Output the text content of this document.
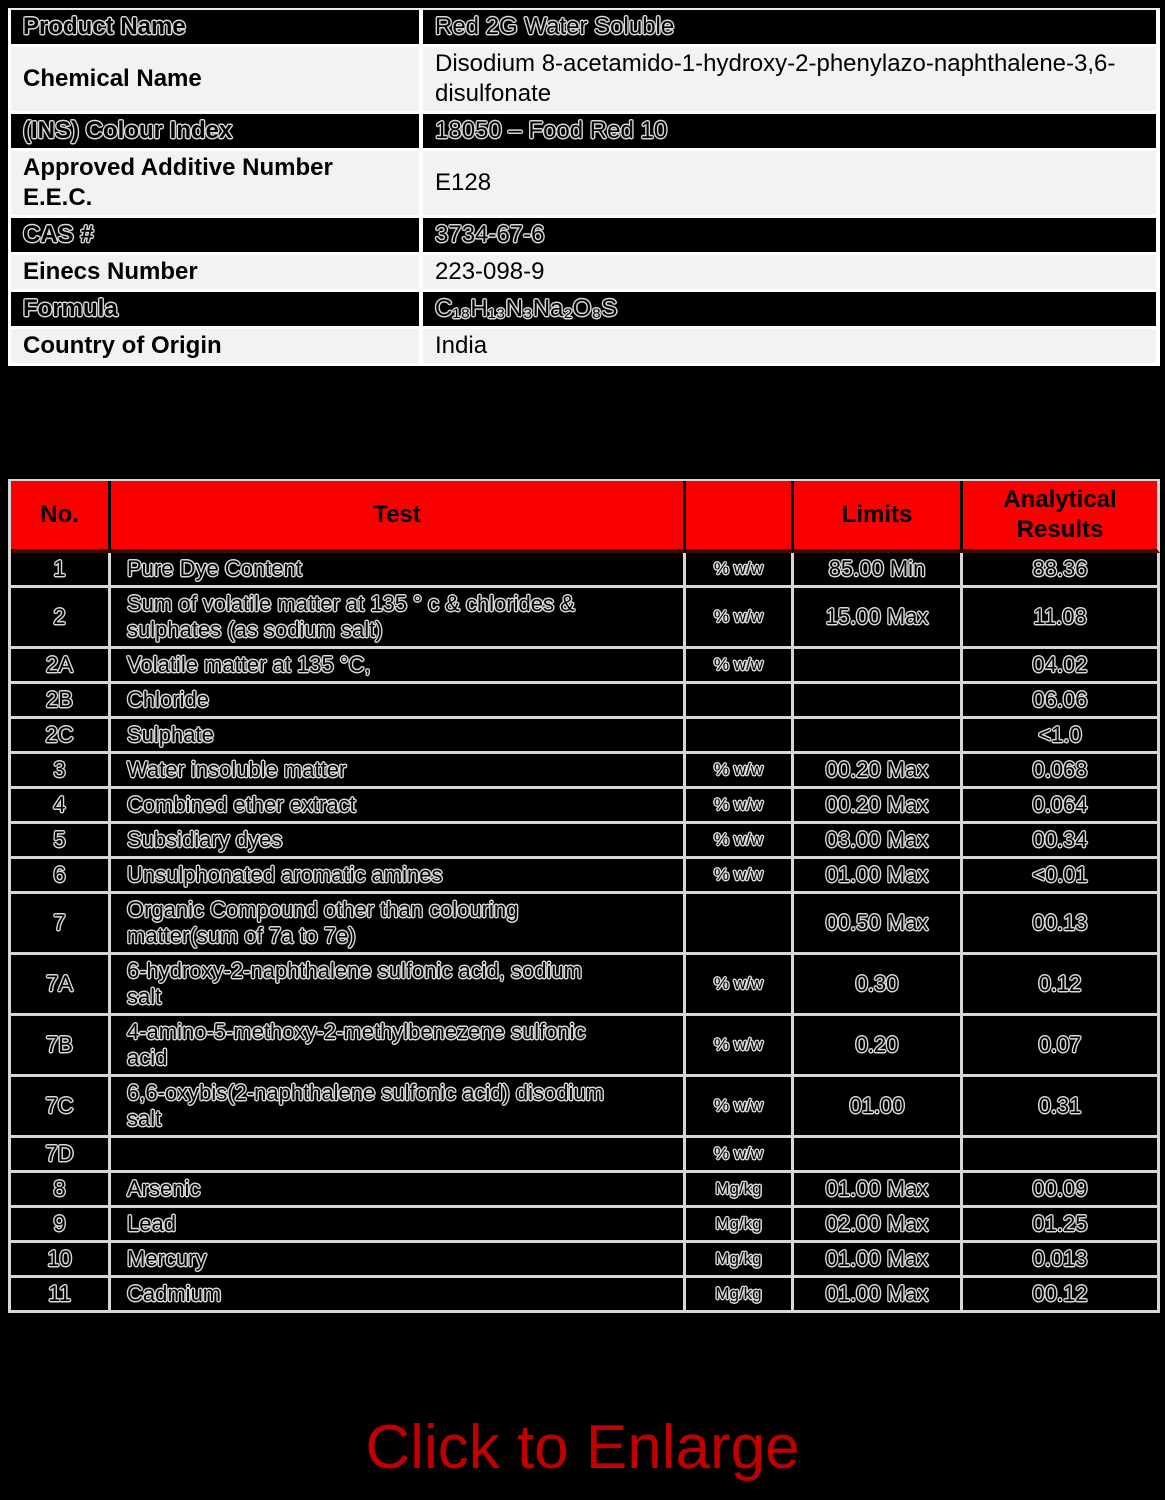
Product Name	Red 2G Water Soluble
Chemical Name	Disodium 8-acetamido-1-hydroxy-2-phenylazo-naphthalene-3,6-disulfonate
(INS) Colour Index	18050 – Food Red 10
Approved Additive Number E.E.C.	E128
CAS #	3734-67-6
Einecs Number	223-098-9
Formula	C₁₈H₁₃N₃Na₂O₈S
Country of Origin	India
No.	Test		Limits	Analytical Results
1	Pure Dye Content	% w/w	85.00 Min	88.36
2	Sum of volatile matter at 135 ° c & chlorides & sulphates (as sodium salt)	% w/w	15.00 Max	11.08
2A	Volatile matter at 135 °C,	% w/w		04.02
2B	Chloride			06.06
2C	Sulphate			<1.0
3	Water insoluble matter	% w/w	00.20 Max	0.068
4	Combined ether extract	% w/w	00.20 Max	0.064
5	Subsidiary dyes	% w/w	03.00 Max	00.34
6	Unsulphonated aromatic amines	% w/w	01.00 Max	<0.01
7	Organic Compound other than colouring matter(sum of 7a to 7e)		00.50 Max	00.13
7A	6-hydroxy-2-naphthalene sulfonic acid, sodium salt	% w/w	0.30	0.12
7B	4-amino-5-methoxy-2-methylbenezene sulfonic acid	% w/w	0.20	0.07
7C	6,6-oxybis(2-naphthalene sulfonic acid) disodium salt	% w/w	01.00	0.31
7D		% w/w		
8	Arsenic	Mg/kg	01.00 Max	00.09
9	Lead	Mg/kg	02.00 Max	01.25
10	Mercury	Mg/kg	01.00 Max	0.013
11	Cadmium	Mg/kg	01.00 Max	00.12
Click to Enlarge
